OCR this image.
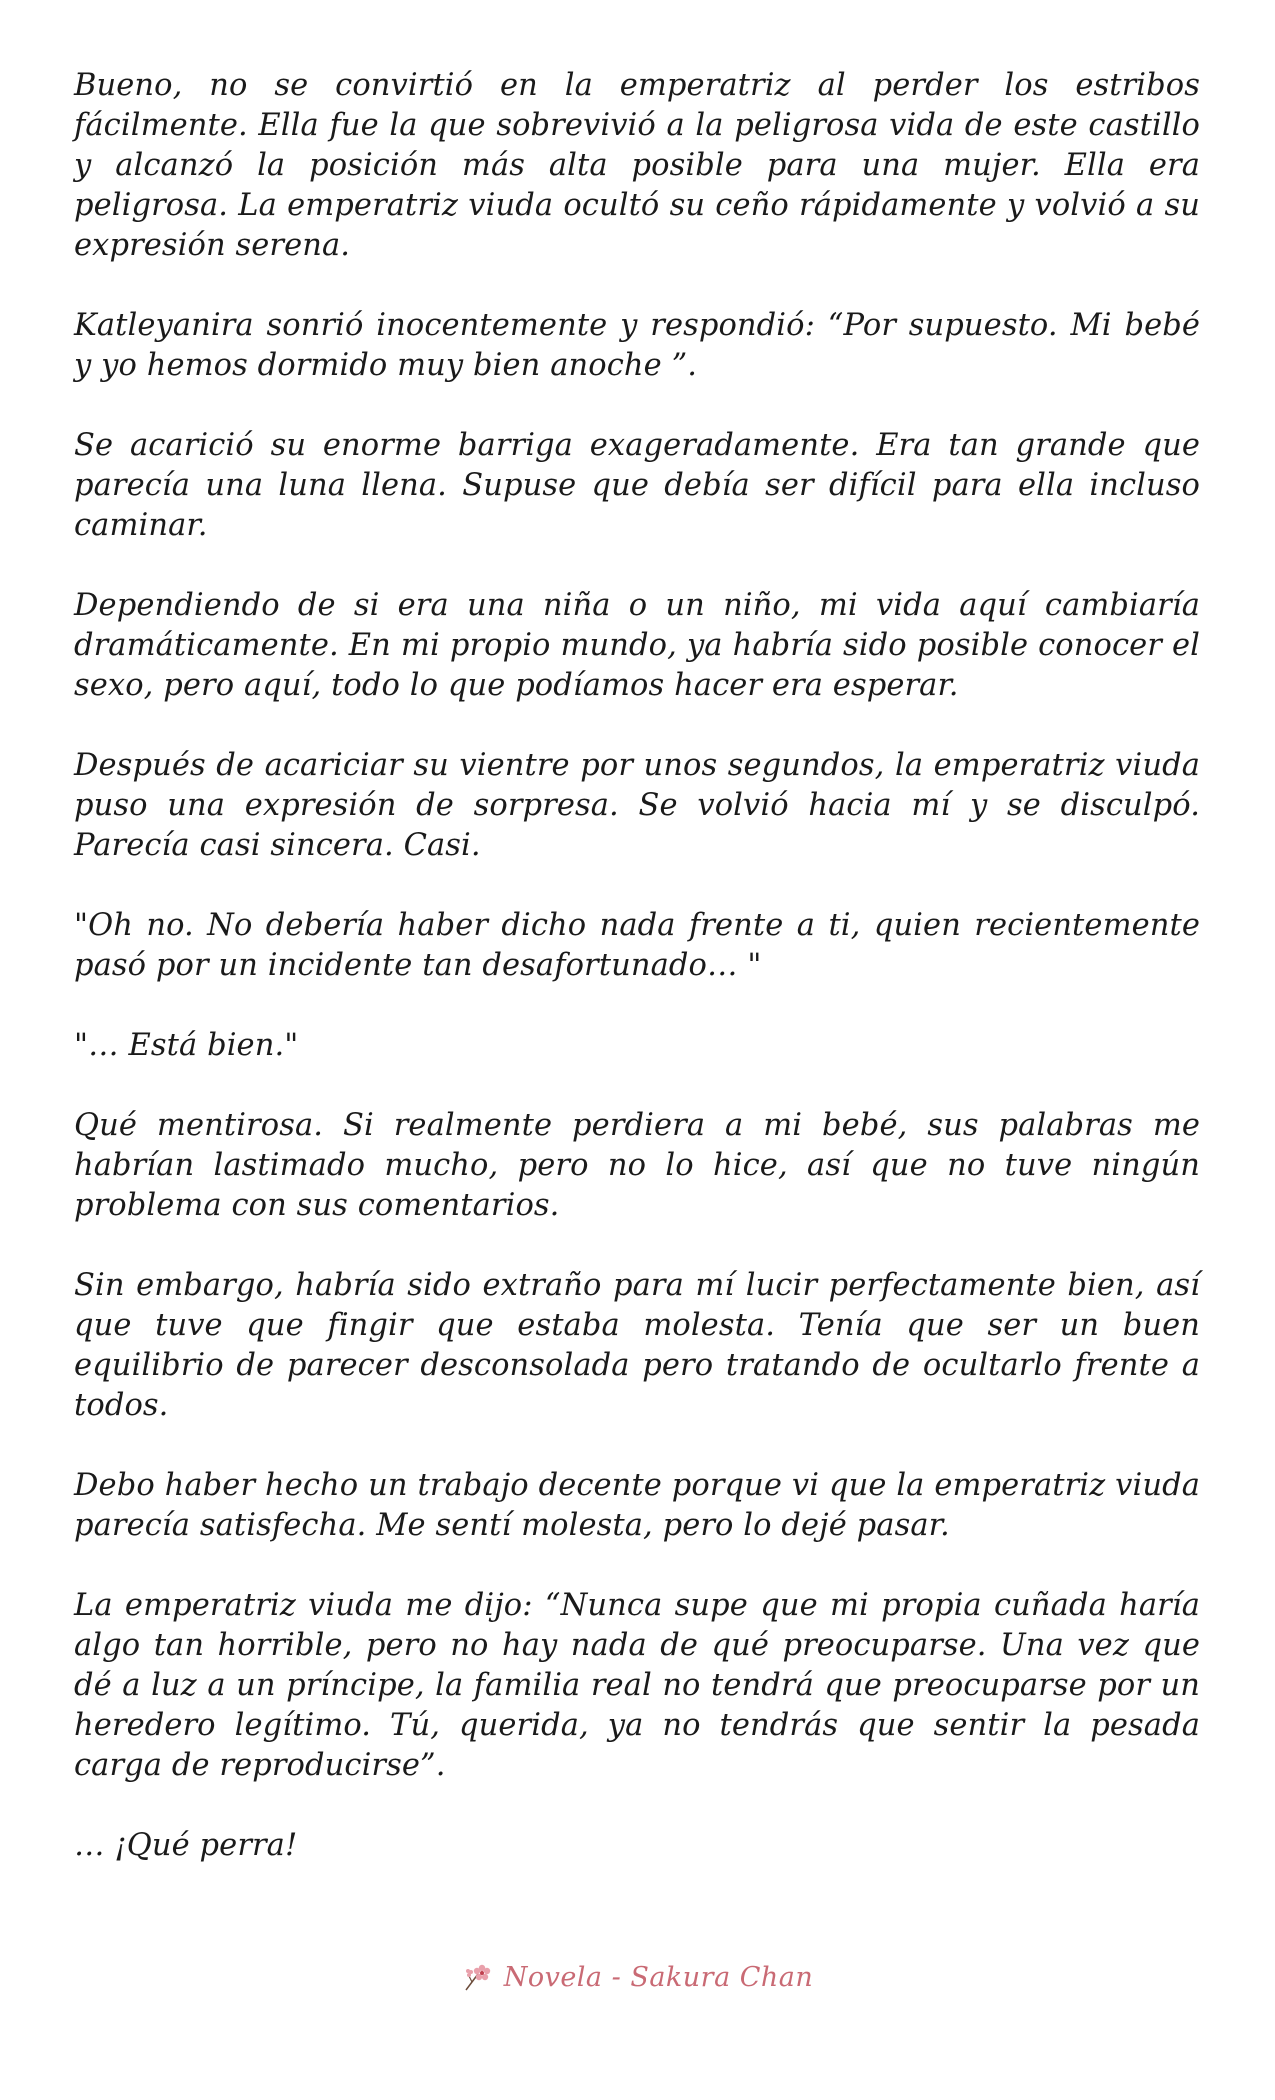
Bueno, no se convirtió en la emperatriz al perder los estribos fácilmente. Ella fue la que sobrevivió a la peligrosa vida de este castillo y alcanzó la posición más alta posible para una mujer. Ella era peligrosa. La emperatriz viuda ocultó su ceño rápidamente y volvió a su expresión serena.

Katleyanira sonrió inocentemente y respondió: “Por supuesto. Mi bebé y yo hemos dormido muy bien anoche ”.

Se acarició su enorme barriga exageradamente. Era tan grande que parecía una luna llena. Supuse que debía ser difícil para ella incluso caminar.

Dependiendo de si era una niña o un niño, mi vida aquí cambiaría dramáticamente. En mi propio mundo, ya habría sido posible conocer el sexo, pero aquí, todo lo que podíamos hacer era esperar.

Después de acariciar su vientre por unos segundos, la emperatriz viuda puso una expresión de sorpresa. Se volvió hacia mí y se disculpó. Parecía casi sincera. Casi.

"Oh no. No debería haber dicho nada frente a ti, quien recientemente pasó por un incidente tan desafortunado… "

"… Está bien."

Qué mentirosa. Si realmente perdiera a mi bebé, sus palabras me habrían lastimado mucho, pero no lo hice, así que no tuve ningún problema con sus comentarios.

Sin embargo, habría sido extraño para mí lucir perfectamente bien, así que tuve que fingir que estaba molesta. Tenía que ser un buen equilibrio de parecer desconsolada pero tratando de ocultarlo frente a todos.

Debo haber hecho un trabajo decente porque vi que la emperatriz viuda parecía satisfecha. Me sentí molesta, pero lo dejé pasar.

La emperatriz viuda me dijo: “Nunca supe que mi propia cuñada haría algo tan horrible, pero no hay nada de qué preocuparse. Una vez que dé a luz a un príncipe, la familia real no tendrá que preocuparse por un heredero legítimo. Tú, querida, ya no tendrás que sentir la pesada carga de reproducirse”.

… ¡Qué perra!

Novela - Sakura Chan
